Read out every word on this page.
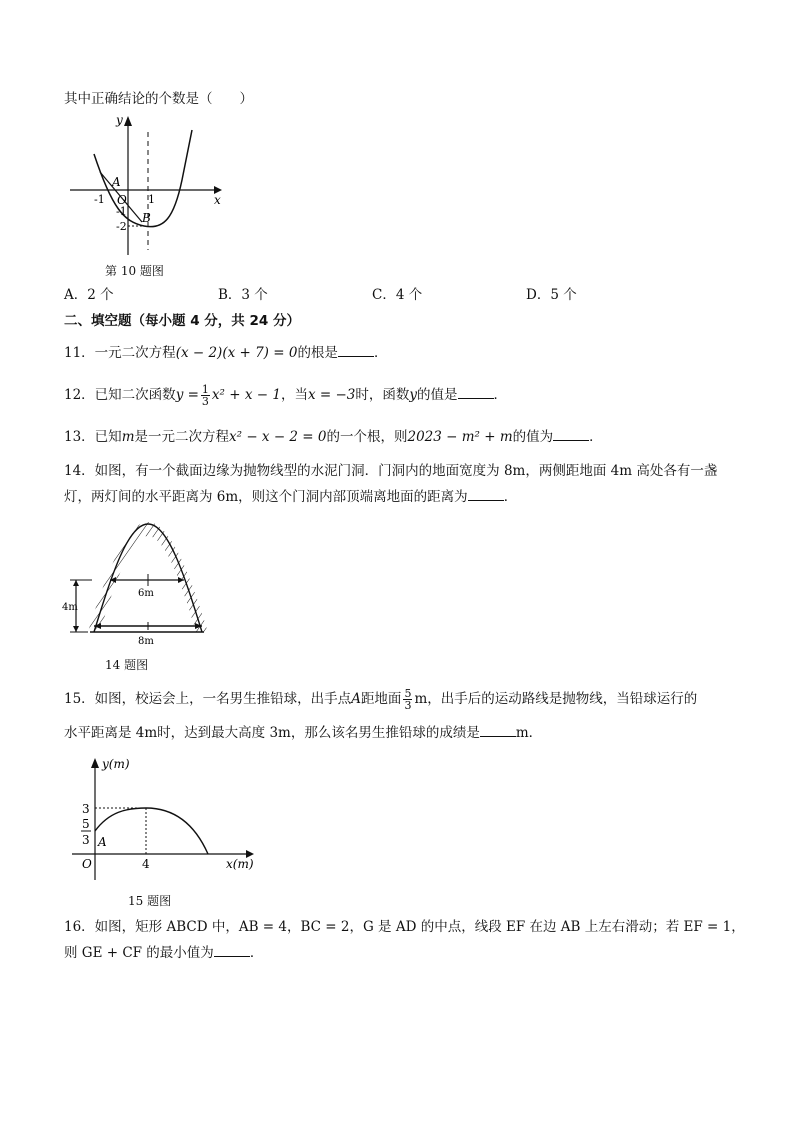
其中正确结论的个数是（　　）
y
x
A
O
B
-1	1
-1
-2
第 10 题图
A．2 个	B．3 个	C．4 个	D．5 个
二、填空题（每小题 4 分，共 24 分）
11．一元二次方程(x − 2)(x + 7) = 0的根是	．
12．已知二次函数$y = \frac{1}{3} x^2 + x - 1$，当x = −3时，函数y的值是	．
13．已知m是一元二次方程x² − x − 2 = 0的一个根，则2023 − m² + m的值为	．
14．如图，有一个截面边缘为抛物线型的水泥门洞．门洞内的地面宽度为 8m，两侧距地面 4m 高处各有一盏
灯，两灯间的水平距离为 6m，则这个门洞内部顶端离地面的距离为	．
6m
4m
8m
14 题图
15．如图，校运会上，一名男生推铅球，出手点A距地面 $\frac{5}{3}$ m，出手后的运动路线是抛物线，当铅球运行的
水平距离是 4m时，达到最大高度 3m，那么该名男生推铅球的成绩是	m．
y(m)
x(m)
O
A
3
5
3
4
15 题图
16．如图，矩形 ABCD 中，AB = 4，BC = 2，G 是 AD 的中点，线段 EF 在边 AB 上左右滑动；若 EF = 1，
则 GE + CF 的最小值为	．
